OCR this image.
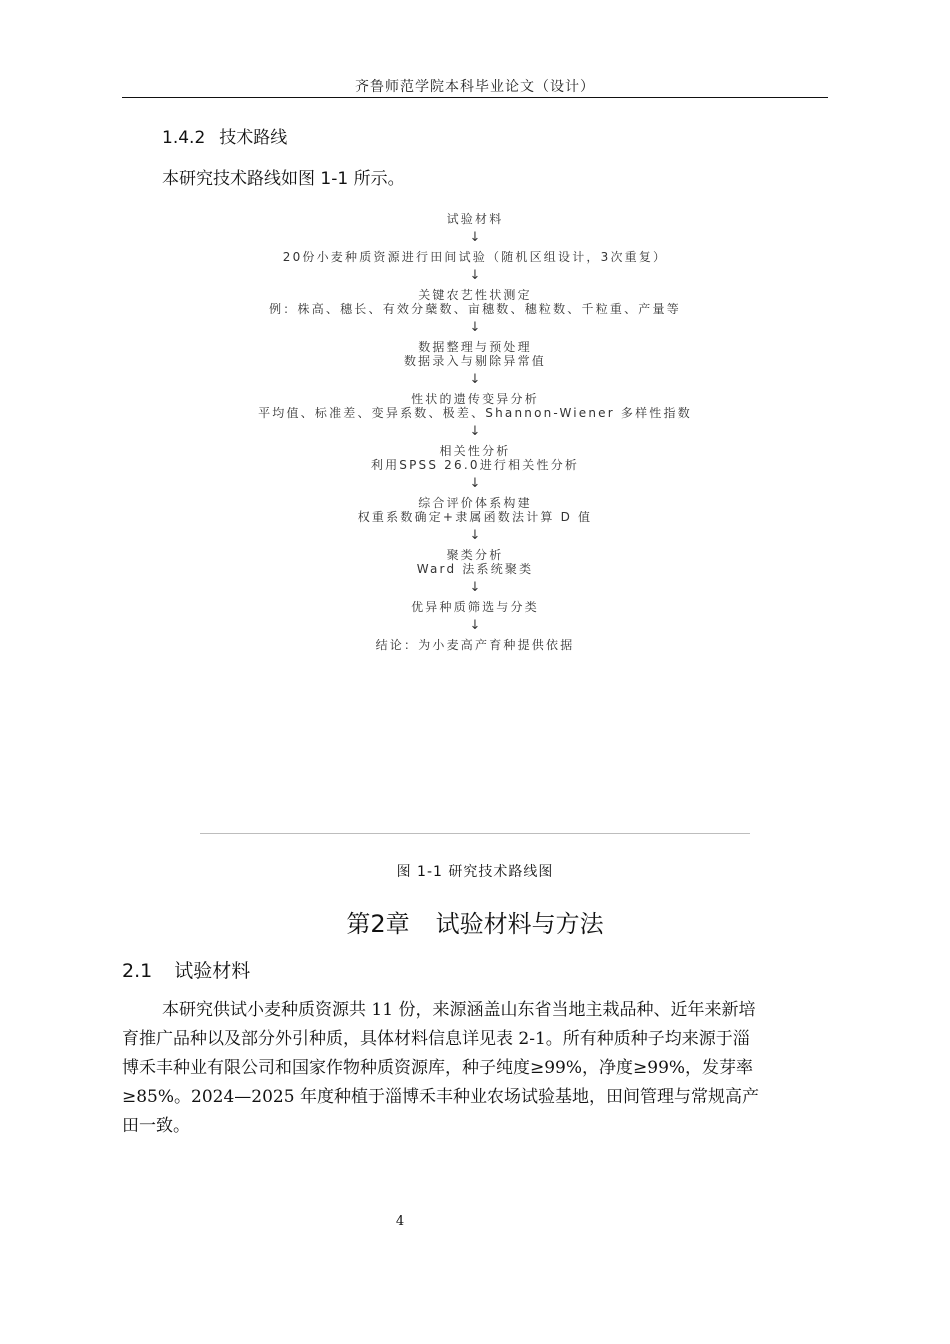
齐鲁师范学院本科毕业论文（设计）
1.4.2 技术路线
本研究技术路线如图 1-1 所示。
试验材料
↓
20份小麦种质资源进行田间试验（随机区组设计，3次重复）
↓
关键农艺性状测定
例：株高、穗长、有效分蘖数、亩穗数、穗粒数、千粒重、产量等
↓
数据整理与预处理
数据录入与剔除异常值
↓
性状的遗传变异分析
平均值、标准差、变异系数、极差、Shannon-Wiener 多样性指数
↓
相关性分析
利用SPSS 26.0进行相关性分析
↓
综合评价体系构建
权重系数确定+隶属函数法计算 D 值
↓
聚类分析
Ward 法系统聚类
↓
优异种质筛选与分类
↓
结论：为小麦高产育种提供依据
图 1-1 研究技术路线图
第2章 试验材料与方法
2.1 试验材料
本研究供试小麦种质资源共 11 份，来源涵盖山东省当地主栽品种、近年来新培
育推广品种以及部分外引种质，具体材料信息详见表 2-1。所有种质种子均来源于淄
博禾丰种业有限公司和国家作物种质资源库，种子纯度≥99%，净度≥99%，发芽率
≥85%。2024—2025 年度种植于淄博禾丰种业农场试验基地，田间管理与常规高产
田一致。
4
